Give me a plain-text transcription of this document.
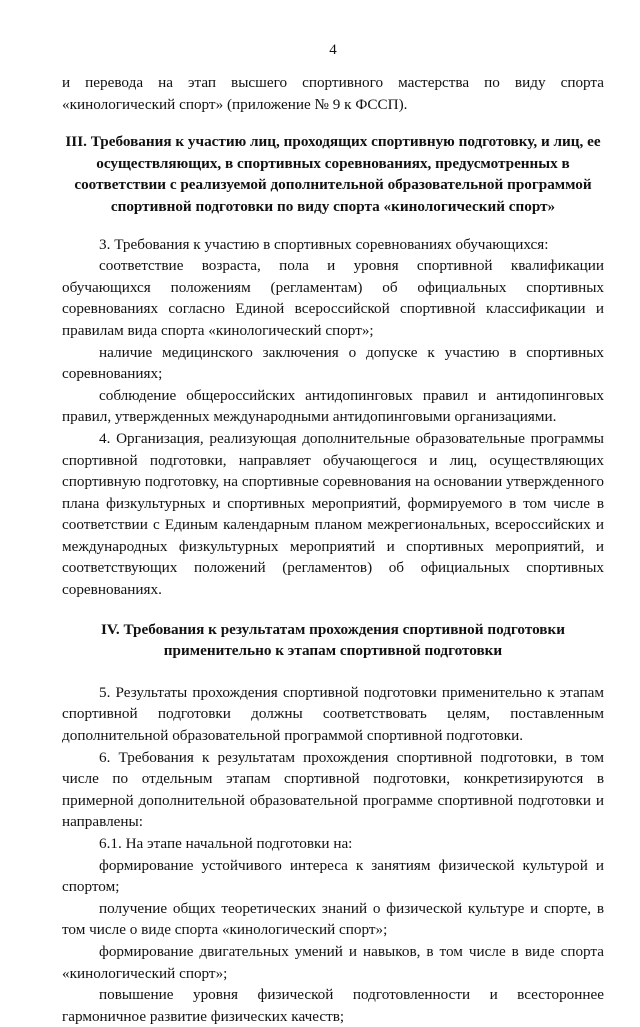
4

и перевода на этап высшего спортивного мастерства по виду спорта «кинологический спорт» (приложение № 9 к ФССП).

III. Требования к участию лиц, проходящих спортивную подготовку, и лиц, ее осуществляющих, в спортивных соревнованиях, предусмотренных в соответствии с реализуемой дополнительной образовательной программой спортивной подготовки по виду спорта «кинологический спорт»

3. Требования к участию в спортивных соревнованиях обучающихся:

соответствие возраста, пола и уровня спортивной квалификации обучающихся положениям (регламентам) об официальных спортивных соревнованиях согласно Единой всероссийской спортивной классификации и правилам вида спорта «кинологический спорт»;

наличие медицинского заключения о допуске к участию в спортивных соревнованиях;

соблюдение общероссийских антидопинговых правил и антидопинговых правил, утвержденных международными антидопинговыми организациями.

4. Организация, реализующая дополнительные образовательные программы спортивной подготовки, направляет обучающегося и лиц, осуществляющих спортивную подготовку, на спортивные соревнования на основании утвержденного плана физкультурных и спортивных мероприятий, формируемого в том числе в соответствии с Единым календарным планом межрегиональных, всероссийских и международных физкультурных мероприятий и спортивных мероприятий, и соответствующих положений (регламентов) об официальных спортивных соревнованиях.

IV. Требования к результатам прохождения спортивной подготовки применительно к этапам спортивной подготовки

5. Результаты прохождения спортивной подготовки применительно к этапам спортивной подготовки должны соответствовать целям, поставленным дополнительной образовательной программой спортивной подготовки.

6. Требования к результатам прохождения спортивной подготовки, в том числе по отдельным этапам спортивной подготовки, конкретизируются в примерной дополнительной образовательной программе спортивной подготовки и направлены:

6.1. На этапе начальной подготовки на:

формирование устойчивого интереса к занятиям физической культурой и спортом;

получение общих теоретических знаний о физической культуре и спорте, в том числе о виде спорта «кинологический спорт»;

формирование двигательных умений и навыков, в том числе в виде спорта «кинологический спорт»;

повышение уровня физической подготовленности и всестороннее гармоничное развитие физических качеств;
